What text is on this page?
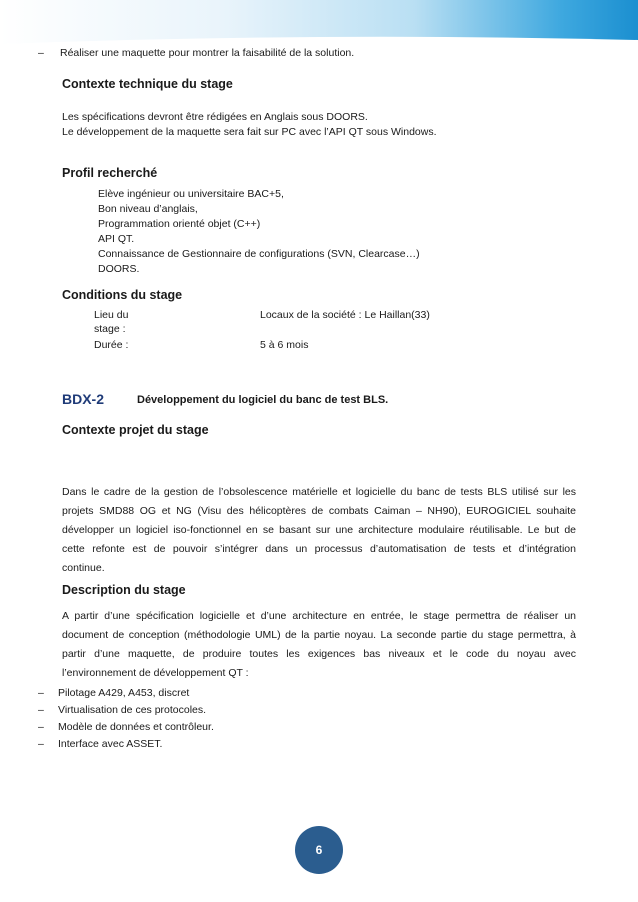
– Réaliser une maquette pour montrer la faisabilité de la solution.
Contexte technique du stage
Les spécifications devront être rédigées en Anglais sous DOORS.
Le développement de la maquette sera fait sur PC avec l’API QT sous Windows.
Profil recherché
Elève ingénieur ou universitaire BAC+5,
Bon niveau d’anglais,
Programmation orienté objet (C++)
API QT.
Connaissance de Gestionnaire de configurations (SVN, Clearcase…)
DOORS.
Conditions du stage
Lieu du
stage :
Locaux de la société : Le Haillan(33)
Durée :	5 à 6 mois
BDX-2	Développement du logiciel du banc de test BLS.
Contexte projet du stage
Dans le cadre de la gestion de l’obsolescence matérielle et logicielle du banc de tests BLS utilisé sur les
projets SMD88 OG et NG (Visu des hélicoptères de combats Caiman – NH90), EUROGICIEL souhaite
développer un logiciel iso-fonctionnel en se basant sur une architecture modulaire réutilisable. Le but de
cette refonte est de pouvoir s’intégrer dans un processus d’automatisation de tests et d’intégration
continue.
Description du stage
A partir d’une spécification logicielle et d’une architecture en entrée, le stage permettra de réaliser un
document de conception (méthodologie UML) de la partie noyau. La seconde partie du stage permettra, à
partir d’une maquette, de produire toutes les exigences bas niveaux et le code du noyau avec
l’environnement de développement QT :
– Pilotage A429, A453, discret
– Virtualisation de ces protocoles.
– Modèle de données et contrôleur.
– Interface avec ASSET.
6
